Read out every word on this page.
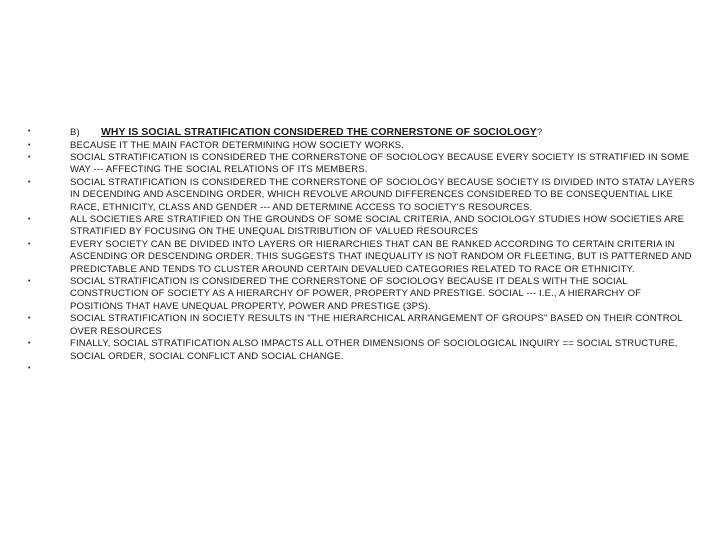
•	B) WHY IS SOCIAL STRATIFICATION CONSIDERED THE CORNERSTONE OF SOCIOLOGY?
•	BECAUSE IT THE MAIN FACTOR DETERMINING HOW SOCIETY WORKS.
•	SOCIAL STRATIFICATION IS CONSIDERED THE CORNERSTONE OF SOCIOLOGY BECAUSE EVERY SOCIETY IS STRATIFIED IN SOME WAY --- AFFECTING THE SOCIAL RELATIONS OF ITS MEMBERS.
•	SOCIAL STRATIFICATION IS CONSIDERED THE CORNERSTONE OF SOCIOLOGY BECAUSE SOCIETY IS DIVIDED INTO STATA/ LAYERS IN DECENDING AND ASCENDING ORDER, WHICH REVOLVE AROUND DIFFERENCES CONSIDERED TO BE CONSEQUENTIAL LIKE RACE, ETHNICITY, CLASS AND GENDER --- AND DETERMINE ACCESS TO SOCIETY'S RESOURCES.
•	ALL SOCIETIES ARE STRATIFIED ON THE GROUNDS OF SOME SOCIAL CRITERIA, AND SOCIOLOGY STUDIES HOW SOCIETIES ARE STRATIFIED BY FOCUSING ON THE UNEQUAL DISTRIBUTION OF VALUED RESOURCES
•	EVERY SOCIETY CAN BE DIVIDED INTO LAYERS OR HIERARCHIES THAT CAN BE RANKED ACCORDING TO CERTAIN CRITERIA IN ASCENDING OR DESCENDING ORDER. THIS SUGGESTS THAT INEQUALITY IS NOT RANDOM OR FLEETING, BUT IS PATTERNED AND PREDICTABLE AND TENDS TO CLUSTER AROUND CERTAIN DEVALUED CATEGORIES RELATED TO RACE OR ETHNICITY.
•	SOCIAL STRATIFICATION IS CONSIDERED THE CORNERSTONE OF SOCIOLOGY BECAUSE IT DEALS WITH THE SOCIAL CONSTRUCTION OF SOCIETY AS A HIERARCHY OF POWER, PROPERTY AND PRESTIGE. SOCIAL --- I.E., A HIERARCHY OF POSITIONS THAT HAVE UNEQUAL PROPERTY, POWER AND PRESTIGE (3PS).
•	SOCIAL STRATIFICATION IN SOCIETY RESULTS IN "THE HIERARCHICAL ARRANGEMENT OF GROUPS" BASED ON THEIR CONTROL OVER RESOURCES
•	FINALLY, SOCIAL STRATIFICATION ALSO IMPACTS ALL OTHER DIMENSIONS OF SOCIOLOGICAL INQUIRY == SOCIAL STRUCTURE, SOCIAL ORDER, SOCIAL CONFLICT AND SOCIAL CHANGE.
•
